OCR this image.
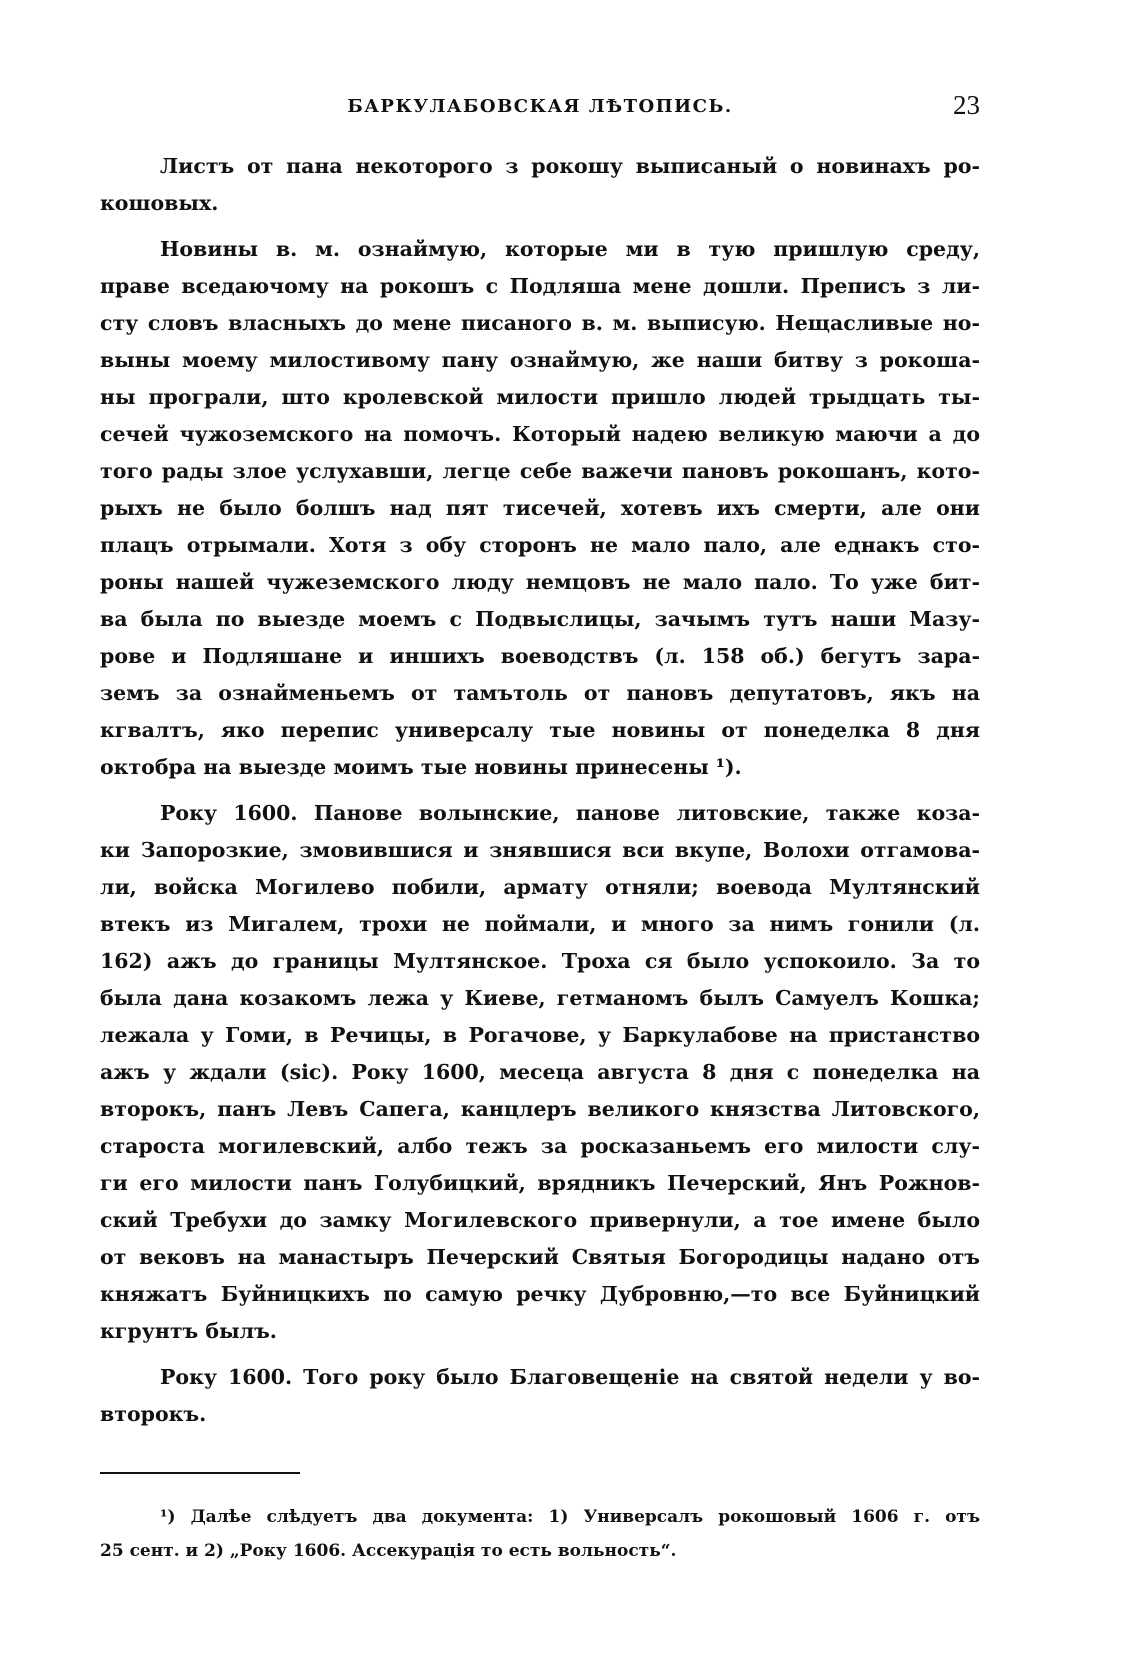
БАРКУЛАБОВСКАЯ ЛѢТОПИСЬ.	23
Листъ от пана некоторого з рокошу выписаный о новинахъ ро-
кошовых.
Новины в. м. ознаймую, которые ми в тую пришлую среду,
праве вседаючому на рокошъ с Подляша мене дошли. Преписъ з ли-
сту словъ власныхъ до мене писаного в. м. выписую. Нещасливые но-
выны моему милостивому пану ознаймую, же наши битву з рокоша-
ны програли, што кролевской милости пришло людей трыдцать ты-
сечей чужоземского на помочъ. Который надею великую маючи а до
того рады злое услухавши, легце себе важечи пановъ рокошанъ, кото-
рыхъ не было болшъ над пят тисечей, хотевъ ихъ смерти, але они
плацъ отрымали. Хотя з обу сторонъ не мало пало, але еднакъ сто-
роны нашей чужеземского люду немцовъ не мало пало. То уже бит-
ва была по выезде моемъ с Подвыслицы, зачымъ тутъ наши Мазу-
рове и Подляшане и иншихъ воеводствъ (л. 158 об.) бегутъ зара-
земъ за ознайменьемъ от тамътоль от пановъ депутатовъ, якъ на
кгвалтъ, яко перепис универсалу тые новины от понеделка 8 дня
октобра на выезде моимъ тые новины принесены ¹).
Року 1600. Панове волынские, панове литовские, также коза-
ки Запорозкие, змовившися и знявшися вси вкупе, Волохи отгамова-
ли, войска Могилево побили, армату отняли; воевода Мултянский
втекъ из Мигалем, трохи не поймали, и много за нимъ гонили (л.
162) ажъ до границы Мултянское. Троха ся было успокоило. За то
была дана козакомъ лежа у Киеве, гетманомъ былъ Самуелъ Кошка;
лежала у Гоми, в Речицы, в Рогачове, у Баркулабове на пристанство
ажъ у ждали (sic). Року 1600, месеца августа 8 дня с понеделка на
второкъ, панъ Левъ Сапега, канцлеръ великого князства Литовского,
староста могилевский, албо тежъ за росказаньемъ его милости слу-
ги его милости панъ Голубицкий, врядникъ Печерский, Янъ Рожнов-
ский Требухи до замку Могилевского привернули, а тое имене было
от вековъ на манастыръ Печерский Святыя Богородицы надано отъ
княжатъ Буйницкихъ по самую речку Дубровню,—то все Буйницкий
кгрунтъ былъ.
Року 1600. Того року было Благовещеніе на святой недели у во-
второкъ.
¹) Далѣе слѣдуетъ два документа: 1) Универсалъ рокошовый 1606 г. отъ
25 сент. и 2) „Року 1606. Ассекурація то есть вольность“.
